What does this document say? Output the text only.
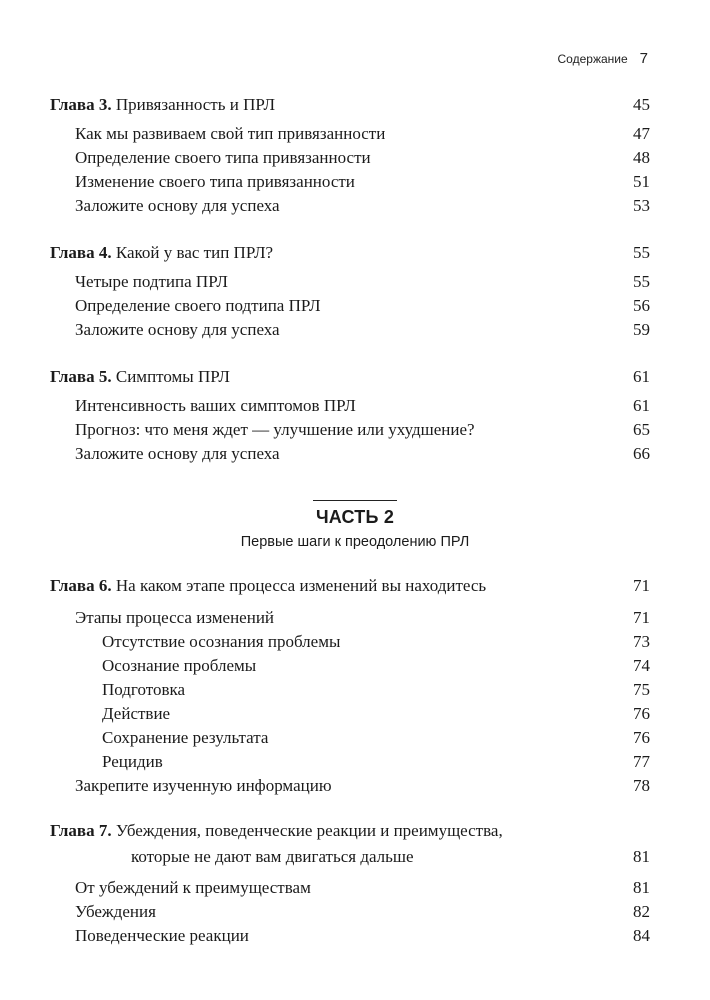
Содержание 7
Глава 3. Привязанность и ПРЛ	45
Как мы развиваем свой тип привязанности	47
Определение своего типа привязанности	48
Изменение своего типа привязанности	51
Заложите основу для успеха	53
Глава 4. Какой у вас тип ПРЛ?	55
Четыре подтипа ПРЛ	55
Определение своего подтипа ПРЛ	56
Заложите основу для успеха	59
Глава 5. Симптомы ПРЛ	61
Интенсивность ваших симптомов ПРЛ	61
Прогноз: что меня ждет — улучшение или ухудшение?	65
Заложите основу для успеха	66
ЧАСТЬ 2
Первые шаги к преодолению ПРЛ
Глава 6. На каком этапе процесса изменений вы находитесь	71
Этапы процесса изменений	71
Отсутствие осознания проблемы	73
Осознание проблемы	74
Подготовка	75
Действие	76
Сохранение результата	76
Рецидив	77
Закрепите изученную информацию	78
Глава 7. Убеждения, поведенческие реакции и преимущества,
которые не дают вам двигаться дальше	81
От убеждений к преимуществам	81
Убеждения	82
Поведенческие реакции	84
